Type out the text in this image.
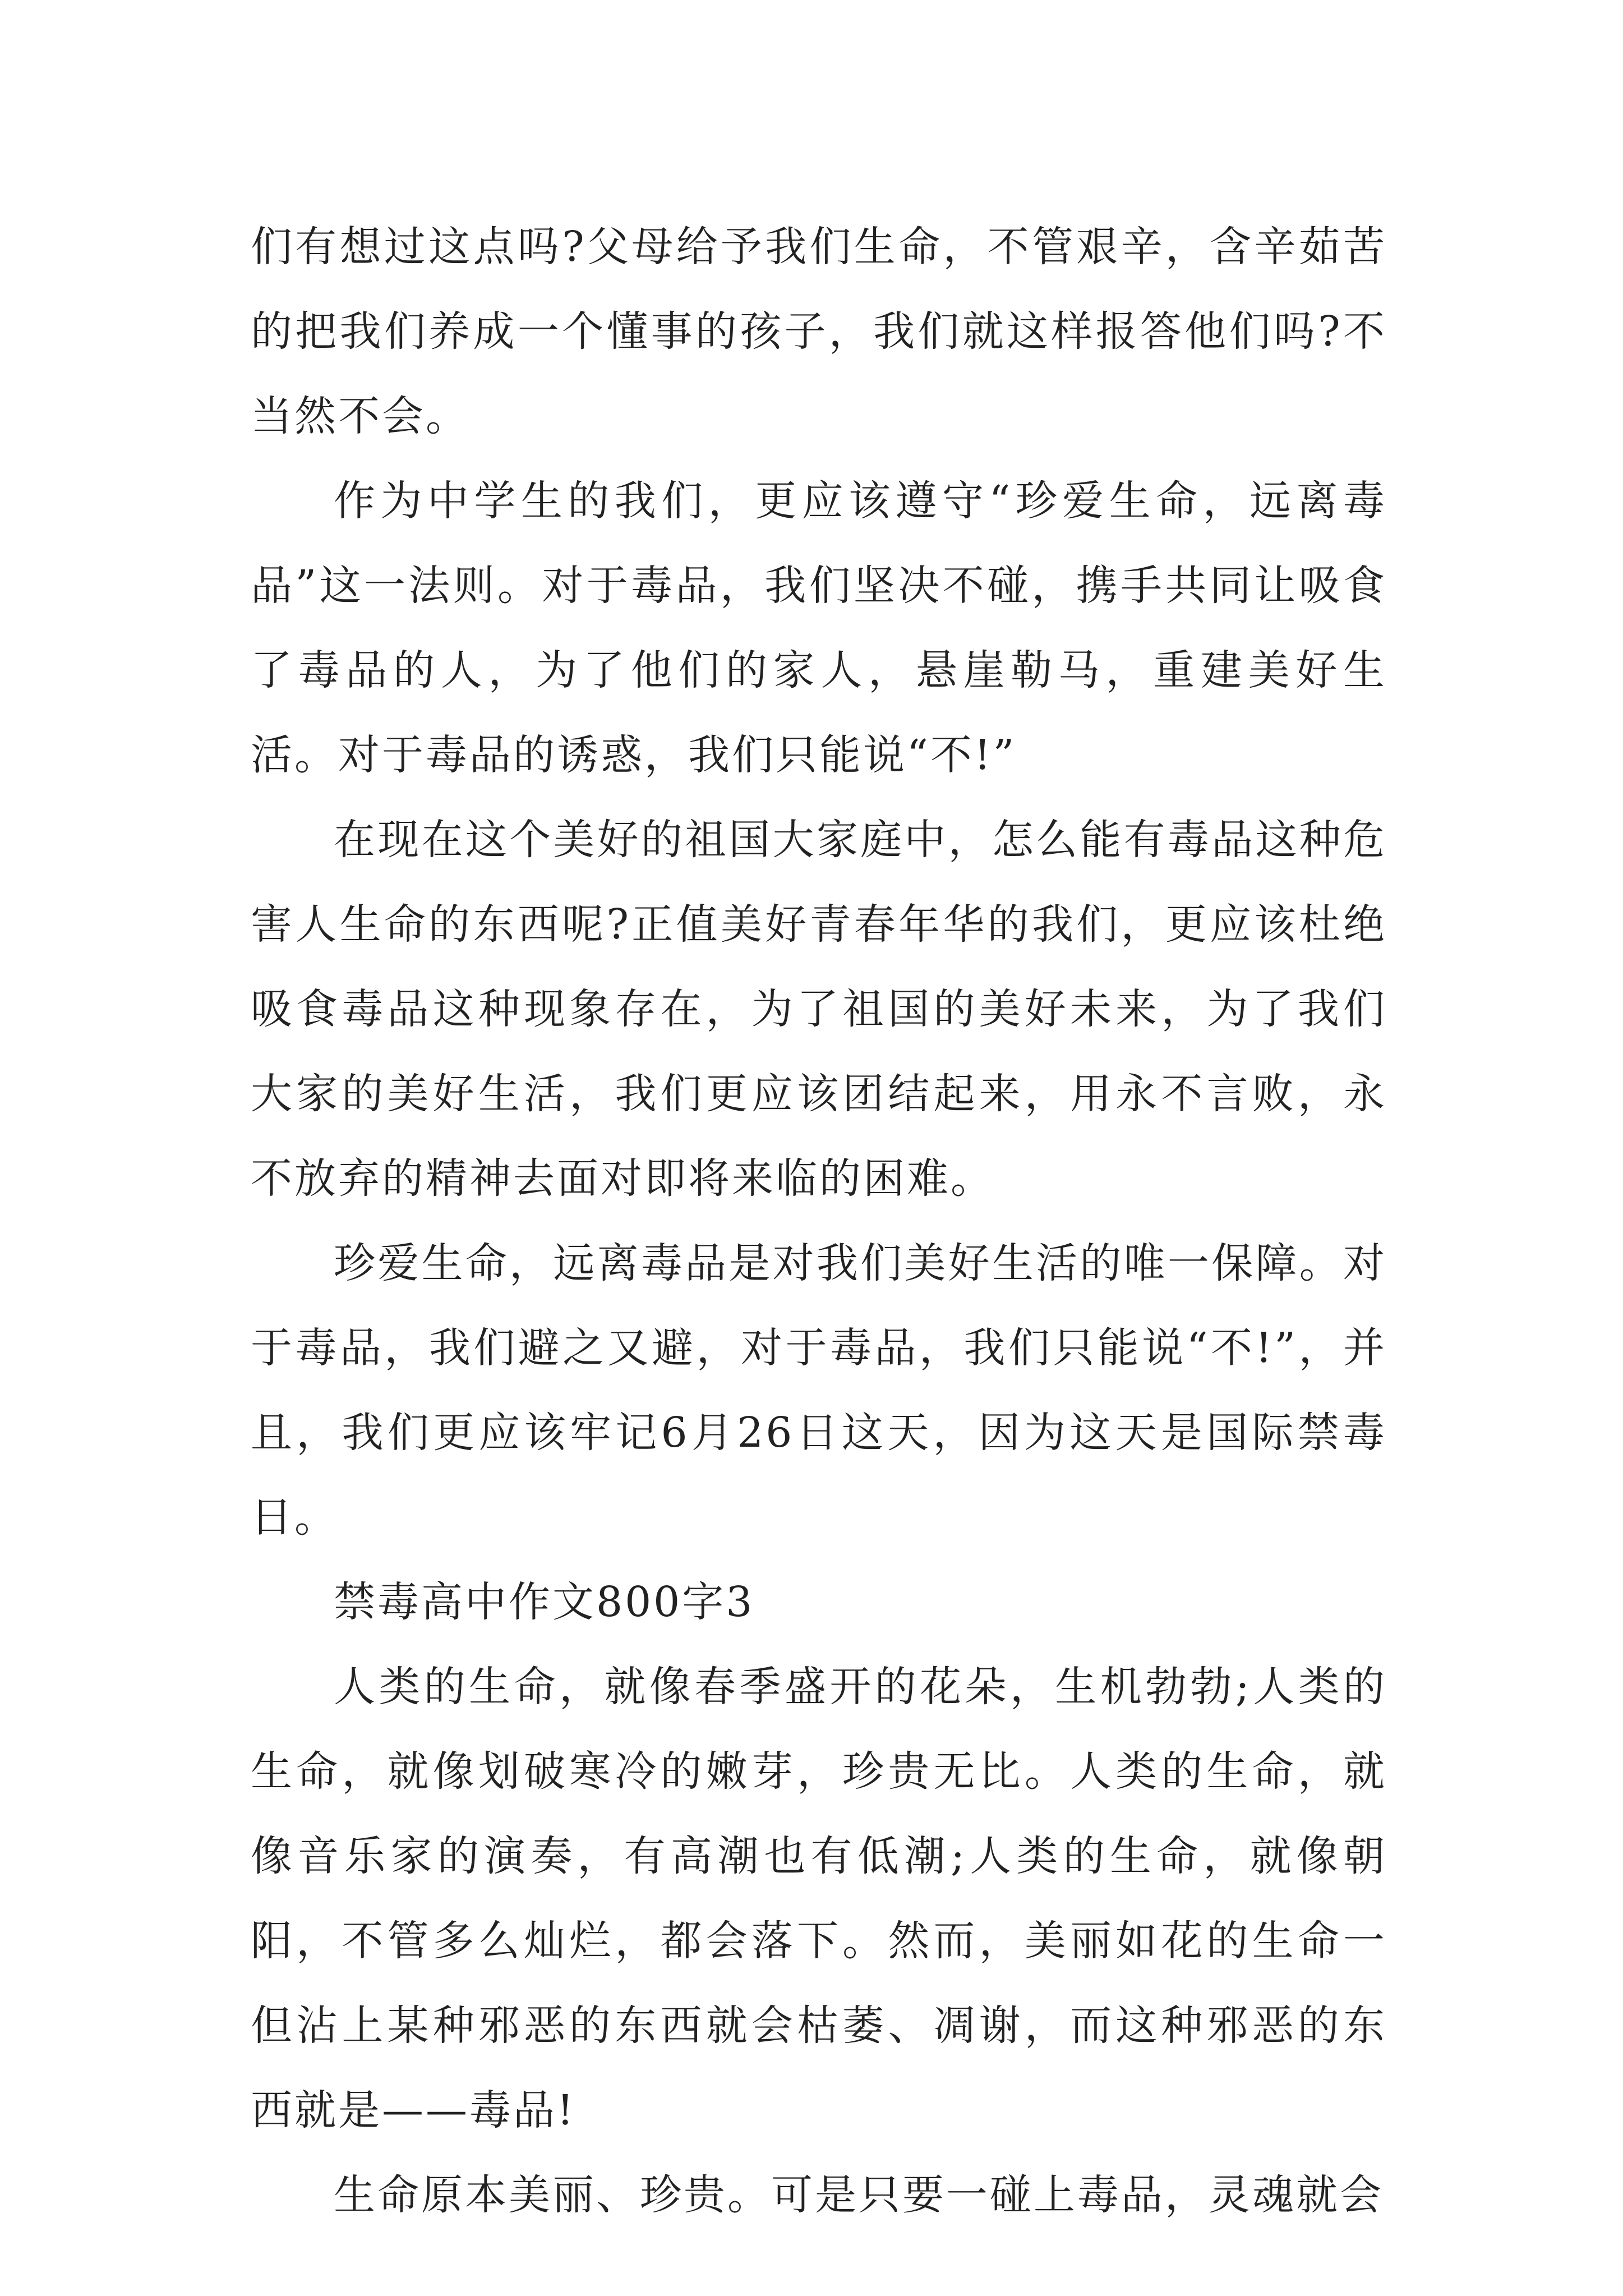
们有想过这点吗?父母给予我们生命，不管艰辛，含辛茹苦的把我们养成一个懂事的孩子，我们就这样报答他们吗?不当然不会。

作为中学生的我们，更应该遵守“珍爱生命，远离毒品”这一法则。对于毒品，我们坚决不碰，携手共同让吸食了毒品的人，为了他们的家人，悬崖勒马，重建美好生活。对于毒品的诱惑，我们只能说“不!”

在现在这个美好的祖国大家庭中，怎么能有毒品这种危害人生命的东西呢?正值美好青春年华的我们，更应该杜绝吸食毒品这种现象存在，为了祖国的美好未来，为了我们大家的美好生活，我们更应该团结起来，用永不言败，永不放弃的精神去面对即将来临的困难。

珍爱生命，远离毒品是对我们美好生活的唯一保障。对于毒品，我们避之又避，对于毒品，我们只能说“不!”，并且，我们更应该牢记6月26日这天，因为这天是国际禁毒日。

禁毒高中作文800字3

人类的生命，就像春季盛开的花朵，生机勃勃;人类的生命，就像划破寒冷的嫩芽，珍贵无比。人类的生命，就像音乐家的演奏，有高潮也有低潮;人类的生命，就像朝阳，不管多么灿烂，都会落下。然而，美丽如花的生命一但沾上某种邪恶的东西就会枯萎、凋谢，而这种邪恶的东西就是——毒品!

生命原本美丽、珍贵。可是只要一碰上毒品，灵魂就会
